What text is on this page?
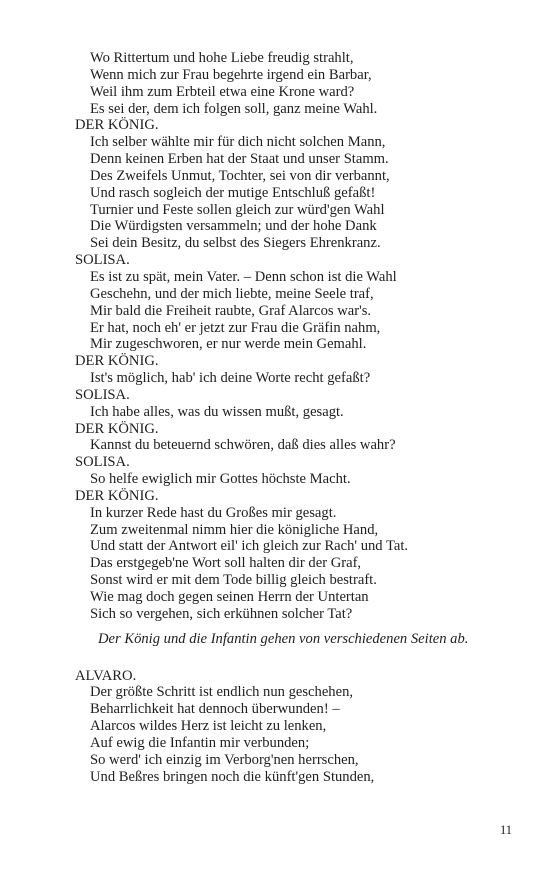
Wo Rittertum und hohe Liebe freudig strahlt,
Wenn mich zur Frau begehrte irgend ein Barbar,
Weil ihm zum Erbteil etwa eine Krone ward?
Es sei der, dem ich folgen soll, ganz meine Wahl.
DER KÖNIG.
Ich selber wählte mir für dich nicht solchen Mann,
Denn keinen Erben hat der Staat und unser Stamm.
Des Zweifels Unmut, Tochter, sei von dir verbannt,
Und rasch sogleich der mutige Entschluß gefaßt!
Turnier und Feste sollen gleich zur würd'gen Wahl
Die Würdigsten versammeln; und der hohe Dank
Sei dein Besitz, du selbst des Siegers Ehrenkranz.
SOLISA.
Es ist zu spät, mein Vater. – Denn schon ist die Wahl
Geschehn, und der mich liebte, meine Seele traf,
Mir bald die Freiheit raubte, Graf Alarcos war's.
Er hat, noch eh' er jetzt zur Frau die Gräfin nahm,
Mir zugeschworen, er nur werde mein Gemahl.
DER KÖNIG.
Ist's möglich, hab' ich deine Worte recht gefaßt?
SOLISA.
Ich habe alles, was du wissen mußt, gesagt.
DER KÖNIG.
Kannst du beteuernd schwören, daß dies alles wahr?
SOLISA.
So helfe ewiglich mir Gottes höchste Macht.
DER KÖNIG.
In kurzer Rede hast du Großes mir gesagt.
Zum zweitenmal nimm hier die königliche Hand,
Und statt der Antwort eil' ich gleich zur Rach' und Tat.
Das erstgegeb'ne Wort soll halten dir der Graf,
Sonst wird er mit dem Tode billig gleich bestraft.
Wie mag doch gegen seinen Herrn der Untertan
Sich so vergehen, sich erkühnen solcher Tat?
Der König und die Infantin gehen von verschiedenen Seiten ab.
ALVARO.
Der größte Schritt ist endlich nun geschehen,
Beharrlichkeit hat dennoch überwunden! –
Alarcos wildes Herz ist leicht zu lenken,
Auf ewig die Infantin mir verbunden;
So werd' ich einzig im Verborg'nen herrschen,
Und Beßres bringen noch die künft'gen Stunden,
11
